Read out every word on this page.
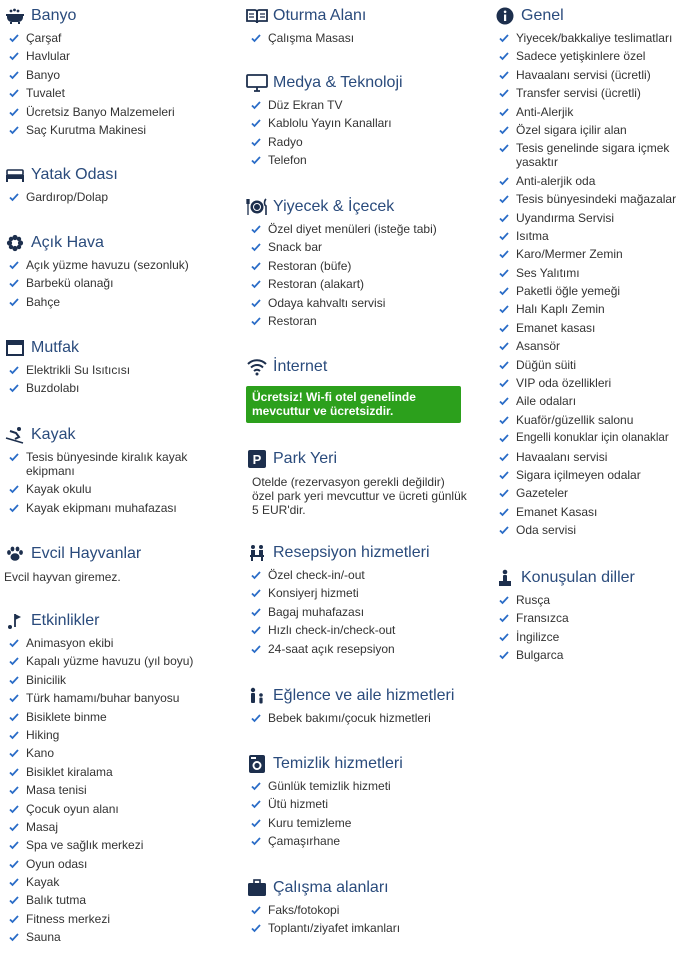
Banyo
Çarşaf
Havlular
Banyo
Tuvalet
Ücretsiz Banyo Malzemeleri
Saç Kurutma Makinesi
Yatak Odası
Gardırop/Dolap
Açık Hava
Açık yüzme havuzu (sezonluk)
Barbekü olanağı
Bahçe
Mutfak
Elektrikli Su Isıtıcısı
Buzdolabı
Kayak
Tesis bünyesinde kiralık kayak ekipmanı
Kayak okulu
Kayak ekipmanı muhafazası
Evcil Hayvanlar
Evcil hayvan giremez.
Etkinlikler
Animasyon ekibi
Kapalı yüzme havuzu (yıl boyu)
Binicilik
Türk hamamı/buhar banyosu
Bisiklete binme
Hiking
Kano
Bisiklet kiralama
Masa tenisi
Çocuk oyun alanı
Masaj
Spa ve sağlık merkezi
Oyun odası
Kayak
Balık tutma
Fitness merkezi
Sauna
Oturma Alanı
Çalışma Masası
Medya & Teknoloji
Düz Ekran TV
Kablolu Yayın Kanalları
Radyo
Telefon
Yiyecek & İçecek
Özel diyet menüleri (isteğe tabi)
Snack bar
Restoran (büfe)
Restoran (alakart)
Odaya kahvaltı servisi
Restoran
İnternet
Ücretsiz! Wi-fi otel genelinde mevcuttur ve ücretsizdir.
P Park Yeri
Otelde (rezervasyon gerekli değildir) özel park yeri mevcuttur ve ücreti günlük 5 EUR'dir.
Resepsiyon hizmetleri
Özel check-in/-out
Konsiyerj hizmeti
Bagaj muhafazası
Hızlı check-in/check-out
24-saat açık resepsiyon
Eğlence ve aile hizmetleri
Bebek bakımı/çocuk hizmetleri
Temizlik hizmetleri
Günlük temizlik hizmeti
Ütü hizmeti
Kuru temizleme
Çamaşırhane
Çalışma alanları
Faks/fotokopi
Toplantı/ziyafet imkanları
Genel
Yiyecek/bakkaliye teslimatları
Sadece yetişkinlere özel
Havaalanı servisi (ücretli)
Transfer servisi (ücretli)
Anti-Alerjik
Özel sigara içilir alan
Tesis genelinde sigara içmek yasaktır
Anti-alerjik oda
Tesis bünyesindeki mağazalar
Uyandırma Servisi
Isıtma
Karo/Mermer Zemin
Ses Yalıtımı
Paketli öğle yemeği
Halı Kaplı Zemin
Emanet kasası
Asansör
Düğün süiti
VIP oda özellikleri
Aile odaları
Kuaför/güzellik salonu
Engelli konuklar için olanaklar
Havaalanı servisi
Sigara içilmeyen odalar
Gazeteler
Emanet Kasası
Oda servisi
Konuşulan diller
Rusça
Fransızca
İngilizce
Bulgarca
